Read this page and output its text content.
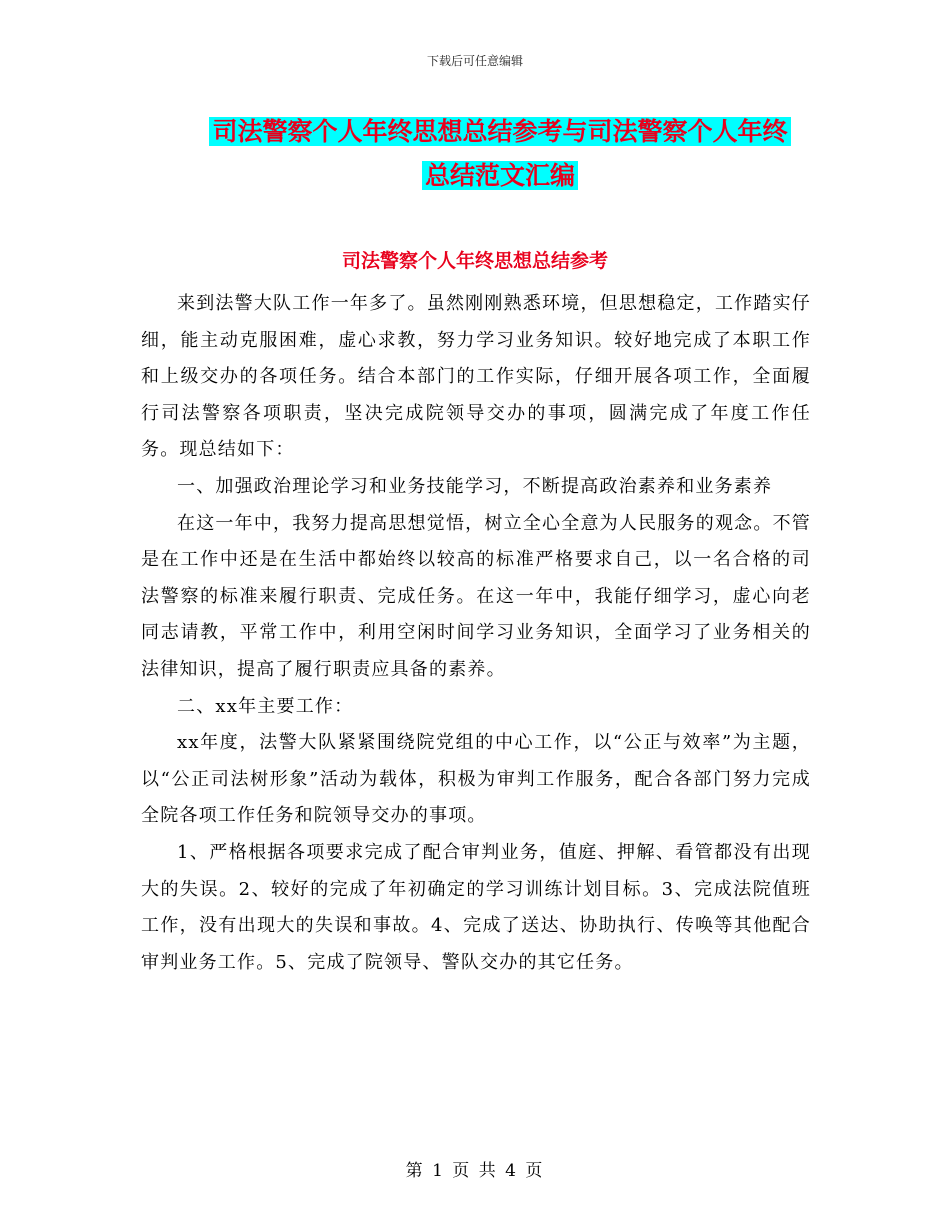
下载后可任意编辑
司法警察个人年终思想总结参考与司法警察个人年终
总结范文汇编
司法警察个人年终思想总结参考

来到法警大队工作一年多了。虽然刚刚熟悉环境，但思想稳定，工作踏实仔细，能主动克服困难，虚心求教，努力学习业务知识。较好地完成了本职工作和上级交办的各项任务。结合本部门的工作实际，仔细开展各项工作，全面履行司法警察各项职责，坚决完成院领导交办的事项，圆满完成了年度工作任务。现总结如下：

一、加强政治理论学习和业务技能学习，不断提高政治素养和业务素养

在这一年中，我努力提高思想觉悟，树立全心全意为人民服务的观念。不管是在工作中还是在生活中都始终以较高的标准严格要求自己，以一名合格的司法警察的标准来履行职责、完成任务。在这一年中，我能仔细学习，虚心向老同志请教，平常工作中，利用空闲时间学习业务知识，全面学习了业务相关的法律知识，提高了履行职责应具备的素养。

二、xx年主要工作：

xx年度，法警大队紧紧围绕院党组的中心工作，以“公正与效率”为主题，以“公正司法树形象”活动为载体，积极为审判工作服务，配合各部门努力完成全院各项工作任务和院领导交办的事项。

1、严格根据各项要求完成了配合审判业务，值庭、押解、看管都没有出现大的失误。2、较好的完成了年初确定的学习训练计划目标。3、完成法院值班工作，没有出现大的失误和事故。4、完成了送达、协助执行、传唤等其他配合审判业务工作。5、完成了院领导、警队交办的其它任务。

第 1 页 共 4 页
